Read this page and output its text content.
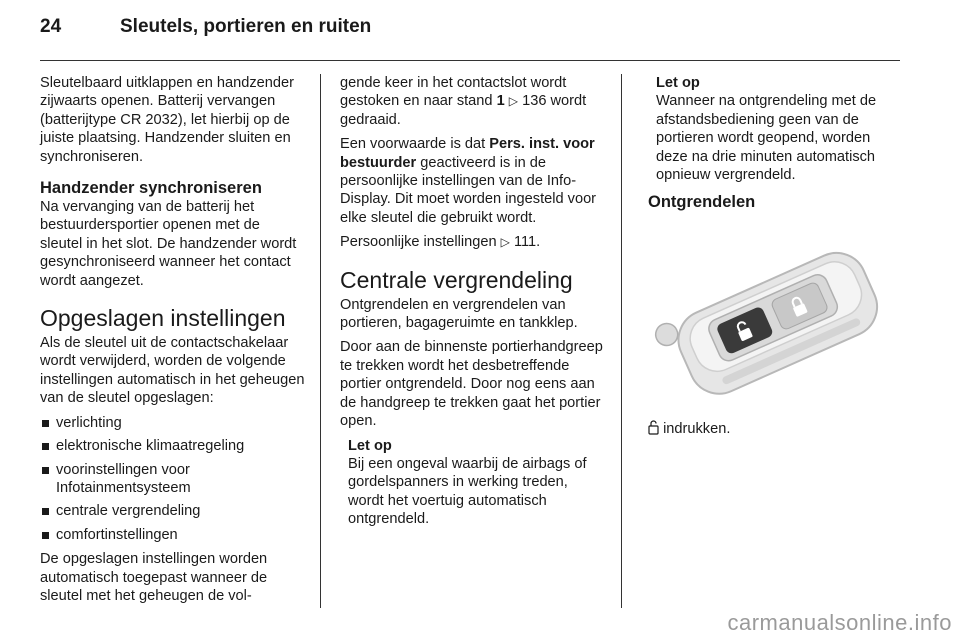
24	Sleutels, portieren en ruiten

Sleutelbaard uitklappen en handzender zijwaarts openen. Batterij vervangen (batterijtype CR 2032), let hierbij op de juiste plaatsing. Handzender sluiten en synchroniseren.

Handzender synchroniseren

Na vervanging van de batterij het bestuurdersportier openen met de sleutel in het slot. De handzender wordt gesynchroniseerd wanneer het contact wordt aangezet.

Opgeslagen instellingen

Als de sleutel uit de contactschakelaar wordt verwijderd, worden de volgende instellingen automatisch in het geheugen van de sleutel opgeslagen:

verlichting
elektronische klimaatregeling
voorinstellingen voor Infotainmentsysteem
centrale vergrendeling
comfortinstellingen

De opgeslagen instellingen worden automatisch toegepast wanneer de sleutel met het geheugen de vol-

gende keer in het contactslot wordt gestoken en naar stand 1 ▷ 136 wordt gedraaid.

Een voorwaarde is dat Pers. inst. voor bestuurder geactiveerd is in de persoonlijke instellingen van de Info-Display. Dit moet worden ingesteld voor elke sleutel die gebruikt wordt.

Persoonlijke instellingen ▷ 111.

Centrale vergrendeling

Ontgrendelen en vergrendelen van portieren, bagageruimte en tankklep.

Door aan de binnenste portierhandgreep te trekken wordt het desbetreffende portier ontgrendeld. Door nog eens aan de handgreep te trekken gaat het portier open.

Let op
Bij een ongeval waarbij de airbags of gordelspanners in werking treden, wordt het voertuig automatisch ontgrendeld.
Let op
Wanneer na ontgrendeling met de afstandsbediening geen van de portieren wordt geopend, worden deze na drie minuten automatisch opnieuw vergrendeld.
Ontgrendelen

indrukken.

carmanualsonline.info
